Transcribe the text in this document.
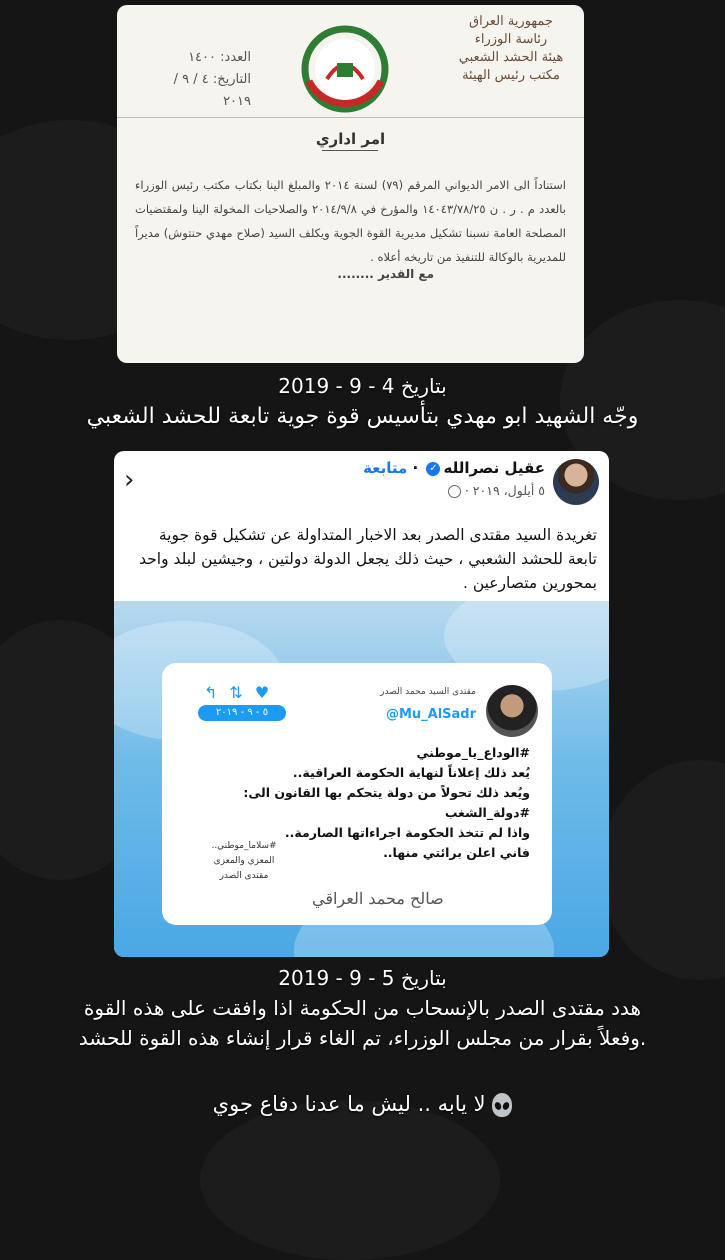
جمهورية العراق
رئاسة الوزراء
هيئة الحشد الشعبي
مكتب رئيس الهيئة
العدد: ١٤٠٠
التاريخ: ٤ / ٩ / ٢٠١٩
امر اداري
استناداً الى الامر الديواني المرقم (٧٩) لسنة ٢٠١٤ والمبلغ الينا بكتاب مكتب رئيس الوزراء بالعدد م . ر . ن ١٤٠٤٣/٧٨/٢٥ والمؤرخ في ٢٠١٤/٩/٨ والصلاحيات المخولة الينا ولمقتضيات المصلحة العامة نسبنا تشكيل مديرية القوة الجوية ويكلف السيد (صلاح مهدي حنتوش) مديراً للمديرية بالوكالة للتنفيذ من تاريخه أعلاه .
مع القدير ........
بتاريخ 4 - 9 - 2019
وجّه الشهيد ابو مهدي بتأسيس قوة جوية تابعة للحشد الشعبي
‹	عقيل نصرالله✓ · متابعة
٥ أيلول، ٢٠١٩ ·
تغريدة السيد مقتدى الصدر بعد الاخبار المتداولة عن تشكيل قوة جوية تابعة للحشد الشعبي ، حيث ذلك يجعل الدولة دولتين ، وجيشين لبلد واحد بمحورين متصارعين .
مقتدى السيد محمد الصدر
@Mu_AlSadr
↰⇅♥
٥ - ٩ - ٢٠١٩
#الوداع_يا_موطني
يُعد ذلك إعلاناً لنهاية الحكومة العراقية..
ويُعد ذلك تحولاً من دولة يتحكم بها القانون الى:
#دولة_الشغب
واذا لم تتخذ الحكومة اجراءاتها الصارمة..
فاني اعلن برائتي منها..
#سلاما_موطني..
المعزي والمعزى
مقتدى الصدر
صالح محمد العراقي
بتاريخ 5 - 9 - 2019
هدد مقتدى الصدر بالإنسحاب من الحكومة اذا وافقت على هذه القوة
وفعلاً بقرار من مجلس الوزراء، تم الغاء قرار إنشاء هذه القوة للحشد.
لا يابه .. ليش ما عدنا دفاع جوي
